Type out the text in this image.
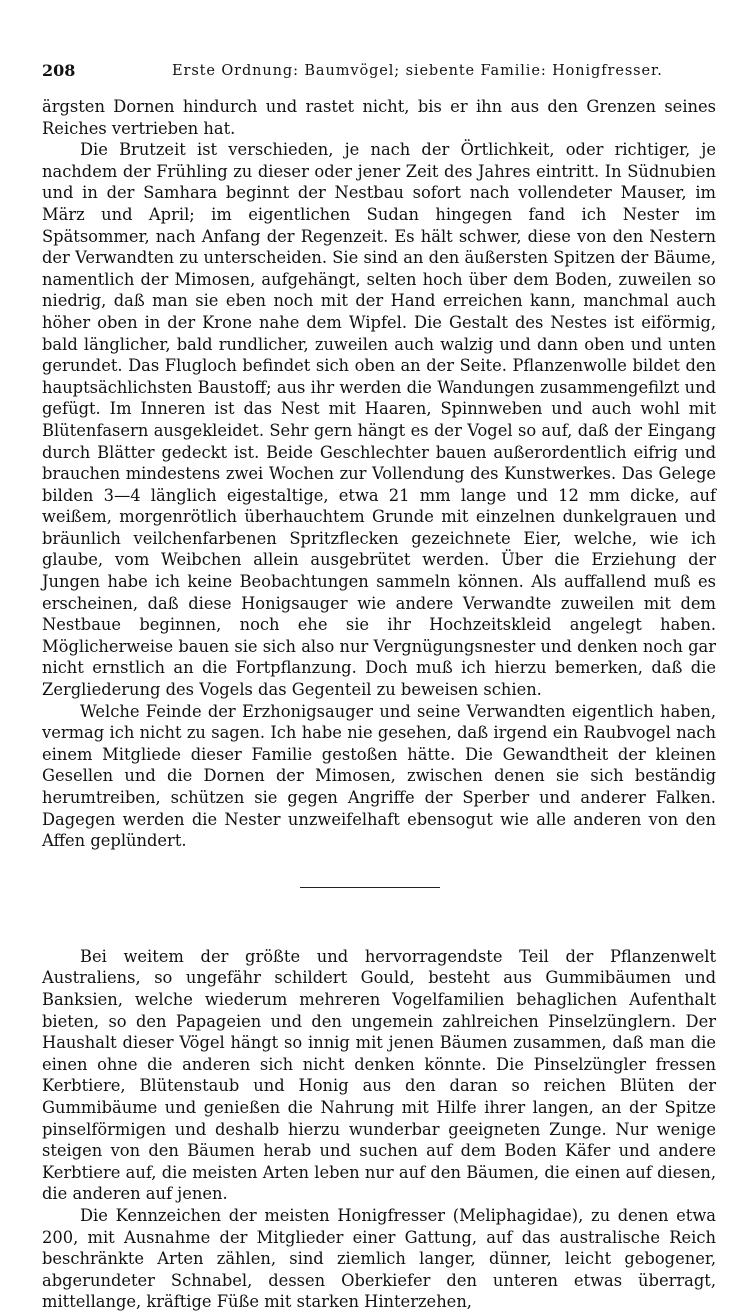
208	Erste Ordnung: Baumvögel; siebente Familie: Honigfresser.

ärgsten Dornen hindurch und rastet nicht, bis er ihn aus den Grenzen seines Reiches vertrieben hat.

Die Brutzeit ist verschieden, je nach der Örtlichkeit, oder richtiger, je nachdem der Frühling zu dieser oder jener Zeit des Jahres eintritt. In Südnubien und in der Samhara beginnt der Nestbau sofort nach vollendeter Mauser, im März und April; im eigentlichen Sudan hingegen fand ich Nester im Spätsommer, nach Anfang der Regenzeit. Es hält schwer, diese von den Nestern der Verwandten zu unterscheiden. Sie sind an den äußersten Spitzen der Bäume, namentlich der Mimosen, aufgehängt, selten hoch über dem Boden, zuweilen so niedrig, daß man sie eben noch mit der Hand erreichen kann, manchmal auch höher oben in der Krone nahe dem Wipfel. Die Gestalt des Nestes ist eiförmig, bald länglicher, bald rundlicher, zuweilen auch walzig und dann oben und unten gerundet. Das Flugloch befindet sich oben an der Seite. Pflanzenwolle bildet den hauptsächlichsten Baustoff; aus ihr werden die Wandungen zusammengefilzt und gefügt. Im Inneren ist das Nest mit Haaren, Spinnweben und auch wohl mit Blütenfasern ausgekleidet. Sehr gern hängt es der Vogel so auf, daß der Eingang durch Blätter gedeckt ist. Beide Geschlechter bauen außerordentlich eifrig und brauchen mindestens zwei Wochen zur Vollendung des Kunstwerkes. Das Gelege bilden 3—4 länglich eigestaltige, etwa 21 mm lange und 12 mm dicke, auf weißem, morgenrötlich überhauchtem Grunde mit einzelnen dunkelgrauen und bräunlich veilchenfarbenen Spritzflecken gezeichnete Eier, welche, wie ich glaube, vom Weibchen allein ausgebrütet werden. Über die Erziehung der Jungen habe ich keine Beobachtungen sammeln können. Als auffallend muß es erscheinen, daß diese Honigsauger wie andere Verwandte zuweilen mit dem Nestbaue beginnen, noch ehe sie ihr Hochzeitskleid angelegt haben. Möglicherweise bauen sie sich also nur Vergnügungsnester und denken noch gar nicht ernstlich an die Fortpflanzung. Doch muß ich hierzu bemerken, daß die Zergliederung des Vogels das Gegenteil zu beweisen schien.

Welche Feinde der Erzhonigsauger und seine Verwandten eigentlich haben, vermag ich nicht zu sagen. Ich habe nie gesehen, daß irgend ein Raubvogel nach einem Mitgliede dieser Familie gestoßen hätte. Die Gewandtheit der kleinen Gesellen und die Dornen der Mimosen, zwischen denen sie sich beständig herumtreiben, schützen sie gegen Angriffe der Sperber und anderer Falken. Dagegen werden die Nester unzweifelhaft ebensogut wie alle anderen von den Affen geplündert.

Bei weitem der größte und hervorragendste Teil der Pflanzenwelt Australiens, so ungefähr schildert Gould, besteht aus Gummibäumen und Banksien, welche wiederum mehreren Vogelfamilien behaglichen Aufenthalt bieten, so den Papageien und den ungemein zahlreichen Pinselzünglern. Der Haushalt dieser Vögel hängt so innig mit jenen Bäumen zusammen, daß man die einen ohne die anderen sich nicht denken könnte. Die Pinselzüngler fressen Kerbtiere, Blütenstaub und Honig aus den daran so reichen Blüten der Gummibäume und genießen die Nahrung mit Hilfe ihrer langen, an der Spitze pinselförmigen und deshalb hierzu wunderbar geeigneten Zunge. Nur wenige steigen von den Bäumen herab und suchen auf dem Boden Käfer und andere Kerbtiere auf, die meisten Arten leben nur auf den Bäumen, die einen auf diesen, die anderen auf jenen.

Die Kennzeichen der meisten Honigfresser (Meliphagidae), zu denen etwa 200, mit Ausnahme der Mitglieder einer Gattung, auf das australische Reich beschränkte Arten zählen, sind ziemlich langer, dünner, leicht gebogener, abgerundeter Schnabel, dessen Oberkiefer den unteren etwas überragt, mittellange, kräftige Füße mit starken Hinterzehen,
